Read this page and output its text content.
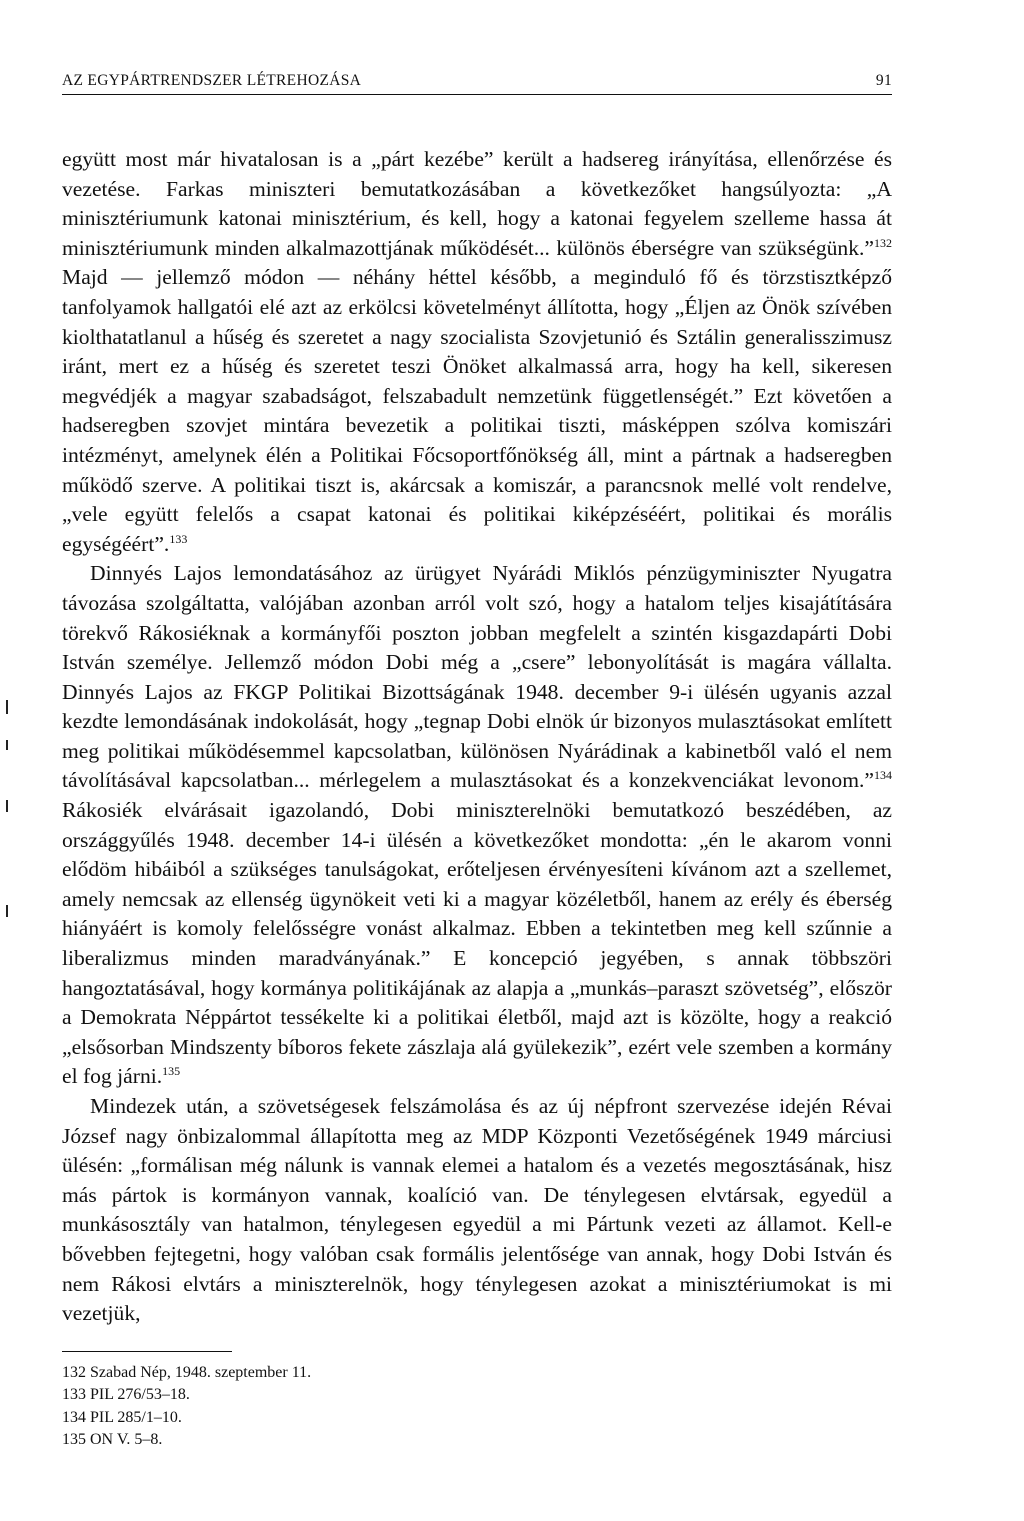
AZ EGYPÁRTRENDSZER LÉTREHOZÁSA	91

együtt most már hivatalosan is a „párt kezébe” került a hadsereg irányítása, ellenőrzése és vezetése. Farkas miniszteri bemutatkozásában a következőket hangsúlyozta: „A minisztériumunk katonai minisztérium, és kell, hogy a katonai fegyelem szelleme hassa át minisztériumunk minden alkalmazottjának működését... különös éberségre van szükségünk.”$^{132}$ Majd — jellemző módon — néhány héttel később, a meginduló fő és törzstisztképző tanfolyamok hallgatói elé azt az erkölcsi követelményt állította, hogy „Éljen az Önök szívében kiolthatatlanul a hűség és szeretet a nagy szocialista Szovjetunió és Sztálin generalisszimusz iránt, mert ez a hűség és szeretet teszi Önöket alkalmassá arra, hogy ha kell, sikeresen megvédjék a magyar szabadságot, felszabadult nemzetünk függetlenségét.” Ezt követően a hadseregben szovjet mintára bevezetik a politikai tiszti, másképpen szólva komiszári intézményt, amelynek élén a Politikai Főcsoportfőnökség áll, mint a pártnak a hadseregben működő szerve. A politikai tiszt is, akárcsak a komiszár, a parancsnok mellé volt rendelve, „vele együtt felelős a csapat katonai és politikai kiképzéséért, politikai és morális egységéért”.$^{133}$

Dinnyés Lajos lemondatásához az ürügyet Nyárádi Miklós pénzügyminiszter Nyugatra távozása szolgáltatta, valójában azonban arról volt szó, hogy a hatalom teljes kisajátítására törekvő Rákosiéknak a kormányfői poszton jobban megfelelt a szintén kisgazdapárti Dobi István személye. Jellemző módon Dobi még a „csere” lebonyolítását is magára vállalta. Dinnyés Lajos az FKGP Politikai Bizottságának 1948. december 9-i ülésén ugyanis azzal kezdte lemondásának indokolását, hogy „tegnap Dobi elnök úr bizonyos mulasztásokat említett meg politikai működésemmel kapcsolatban, különösen Nyárádinak a kabinetből való el nem távolításával kapcsolatban... mérlegelem a mulasztásokat és a konzekvenciákat levonom.”$^{134}$ Rákosiék elvárásait igazolandó, Dobi miniszterelnöki bemutatkozó beszédében, az országgyűlés 1948. december 14-i ülésén a következőket mondotta: „én le akarom vonni elődöm hibáiból a szükséges tanulságokat, erőteljesen érvényesíteni kívánom azt a szellemet, amely nemcsak az ellenség ügynökeit veti ki a magyar közéletből, hanem az erély és éberség hiányáért is komoly felelősségre vonást alkalmaz. Ebben a tekintetben meg kell szűnnie a liberalizmus minden maradványának.” E koncepció jegyében, s annak többszöri hangoztatásával, hogy kormánya politikájának az alapja a „munkás–paraszt szövetség”, először a Demokrata Néppártot tessékelte ki a politikai életből, majd azt is közölte, hogy a reakció „elsősorban Mindszenty bíboros fekete zászlaja alá gyülekezik”, ezért vele szemben a kormány el fog járni.$^{135}$

Mindezek után, a szövetségesek felszámolása és az új népfront szervezése idején Révai József nagy önbizalommal állapította meg az MDP Központi Vezetőségének 1949 márciusi ülésén: „formálisan még nálunk is vannak elemei a hatalom és a vezetés megosztásának, hisz más pártok is kormányon vannak, koalíció van. De ténylegesen elvtársak, egyedül a munkásosztály van hatalmon, ténylegesen egyedül a mi Pártunk vezeti az államot. Kell-e bővebben fejtegetni, hogy valóban csak formális jelentősége van annak, hogy Dobi István és nem Rákosi elvtárs a miniszterelnök, hogy ténylegesen azokat a minisztériumokat is mi vezetjük,

132 Szabad Nép, 1948. szeptember 11.
133 PIL 276/53–18.
134 PIL 285/1–10.
135 ON V. 5–8.
